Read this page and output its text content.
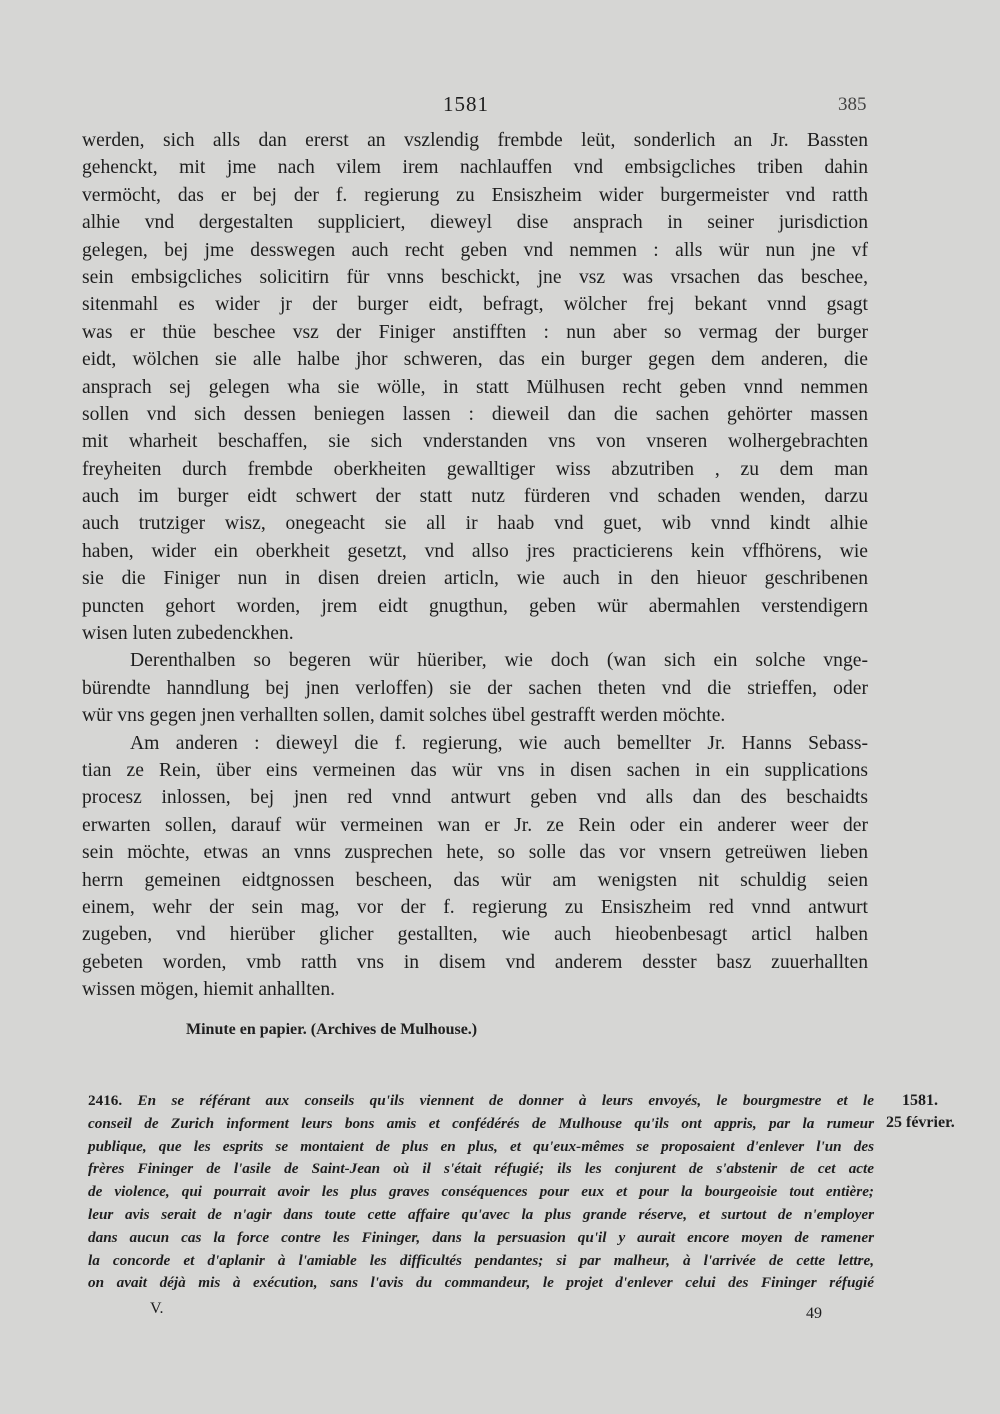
1581	385
werden, sich alls dan ererst an vszlendig frembde leüt, sonderlich an Jr. Bassten
gehenckt, mit jme nach vilem irem nachlauffen vnd embsigcliches triben dahin
vermöcht, das er bej der f. regierung zu Ensiszheim wider burgermeister vnd ratth
alhie vnd dergestalten suppliciert, dieweyl dise ansprach in seiner jurisdiction
gelegen, bej jme desswegen auch recht geben vnd nemmen : alls wür nun jne vf
sein embsigcliches solicitirn für vnns beschickt, jne vsz was vrsachen das beschee,
sitenmahl es wider jr der burger eidt, befragt, wölcher frej bekant vnnd gsagt
was er thüe beschee vsz der Finiger anstifften : nun aber so vermag der burger
eidt, wölchen sie alle halbe jhor schweren, das ein burger gegen dem anderen, die
ansprach sej gelegen wha sie wölle, in statt Mülhusen recht geben vnnd nemmen
sollen vnd sich dessen beniegen lassen : dieweil dan die sachen gehörter massen
mit wharheit beschaffen, sie sich vnderstanden vns von vnseren wolhergebrachten
freyheiten durch frembde oberkheiten gewalltiger wiss abzutriben , zu dem man
auch im burger eidt schwert der statt nutz fürderen vnd schaden wenden, darzu
auch trutziger wisz, onegeacht sie all ir haab vnd guet, wib vnnd kindt alhie
haben, wider ein oberkheit gesetzt, vnd allso jres practicierens kein vffhörens, wie
sie die Finiger nun in disen dreien articln, wie auch in den hieuor geschribenen
puncten gehort worden, jrem eidt gnugthun, geben wür abermahlen verstendigern
wisen luten zubedenckhen.
Derenthalben so begeren wür hüeriber, wie doch (wan sich ein solche vnge-
bürendte hanndlung bej jnen verloffen) sie der sachen theten vnd die strieffen, oder
wür vns gegen jnen verhallten sollen, damit solches übel gestrafft werden möchte.
Am anderen : dieweyl die f. regierung, wie auch bemellter Jr. Hanns Sebass-
tian ze Rein, über eins vermeinen das wür vns in disen sachen in ein supplications
procesz inlossen, bej jnen red vnnd antwurt geben vnd alls dan des beschaidts
erwarten sollen, darauf wür vermeinen wan er Jr. ze Rein oder ein anderer weer der
sein möchte, etwas an vnns zusprechen hete, so solle das vor vnsern getreüwen lieben
herrn gemeinen eidtgnossen bescheen, das wür am wenigsten nit schuldig seien
einem, wehr der sein mag, vor der f. regierung zu Ensiszheim red vnnd antwurt
zugeben, vnd hierüber glicher gestallten, wie auch hieobenbesagt articl halben
gebeten worden, vmb ratth vns in disem vnd anderem desster basz zuuerhallten
wissen mögen, hiemit anhallten.
Minute en papier. (Archives de Mulhouse.)
1581.
25 février.
2416. En se référant aux conseils qu'ils viennent de donner à leurs envoyés, le bourgmestre et le
conseil de Zurich informent leurs bons amis et confédérés de Mulhouse qu'ils ont appris, par la rumeur
publique, que les esprits se montaient de plus en plus, et qu'eux-mêmes se proposaient d'enlever l'un des
frères Fininger de l'asile de Saint-Jean où il s'était réfugié; ils les conjurent de s'abstenir de cet acte
de violence, qui pourrait avoir les plus graves conséquences pour eux et pour la bourgeoisie tout entière;
leur avis serait de n'agir dans toute cette affaire qu'avec la plus grande réserve, et surtout de n'employer
dans aucun cas la force contre les Fininger, dans la persuasion qu'il y aurait encore moyen de ramener
la concorde et d'aplanir à l'amiable les difficultés pendantes; si par malheur, à l'arrivée de cette lettre,
on avait déjà mis à exécution, sans l'avis du commandeur, le projet d'enlever celui des Fininger réfugié
V.	49
